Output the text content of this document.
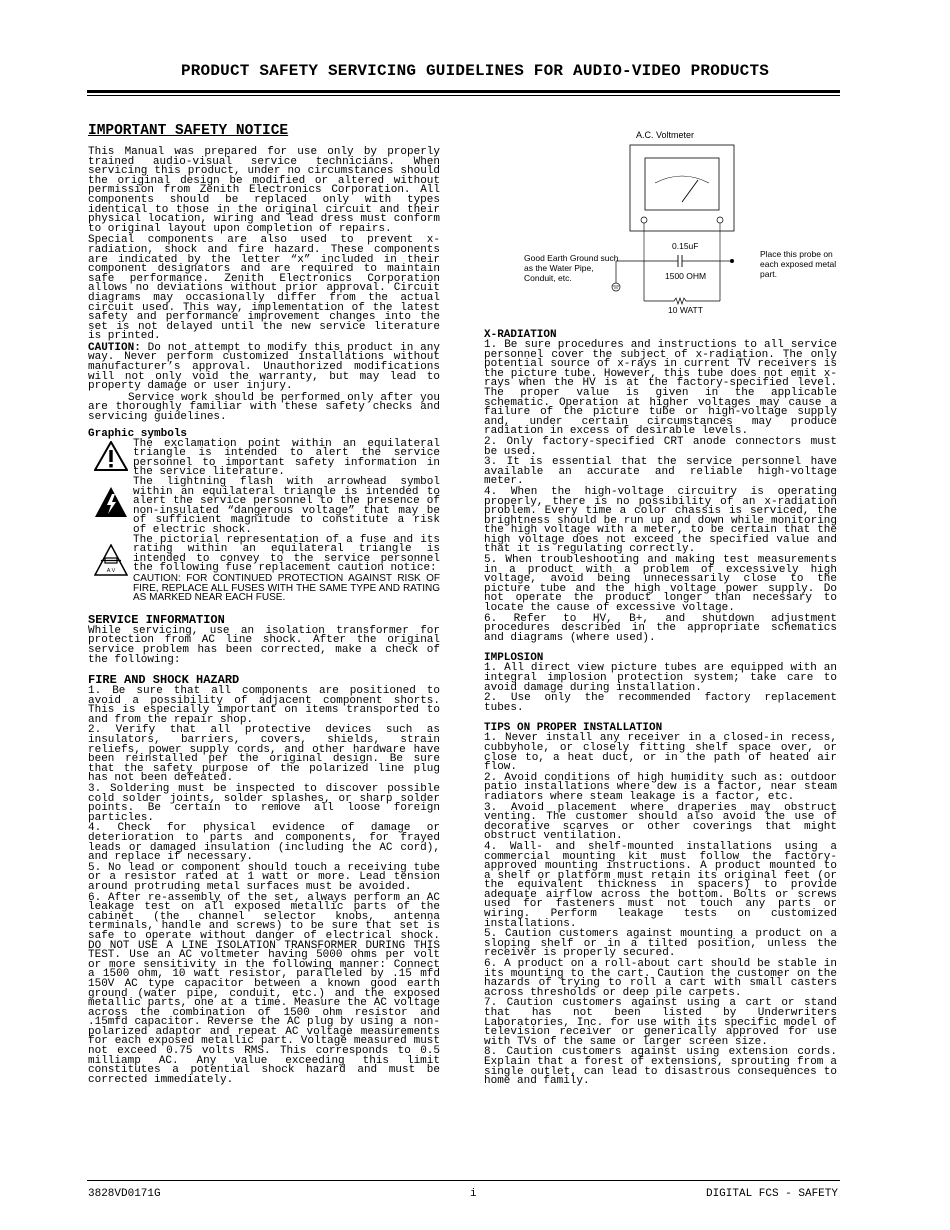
PRODUCT SAFETY SERVICING GUIDELINES FOR AUDIO-VIDEO PRODUCTS
IMPORTANT SAFETY NOTICE

This Manual was prepared for use only by properly trained audio-visual service technicians. When servicing this product, under no circumstances should the original design be modified or altered without permission from Zenith Electronics Corporation. All components should be replaced only with types identical to those in the original circuit and their physical location, wiring and lead dress must conform to original layout upon completion of repairs.

Special components are also used to prevent x-radiation, shock and fire hazard. These components are indicated by the letter “x” included in their component designators and are required to maintain safe performance. Zenith Electronics Corporation allows no deviations without prior approval. Circuit diagrams may occasionally differ from the actual circuit used. This way, implementation of the latest safety and performance improvement changes into the set is not delayed until the new service literature is printed.

CAUTION: Do not attempt to modify this product in any way. Never perform customized installations without manufacturer’s approval. Unauthorized modifications will not only void the warranty, but may lead to property damage or user injury.

Service work should be performed only after you are thoroughly familiar with these safety checks and servicing guidelines.

Graphic symbols
The exclamation point within an equilateral triangle is intended to alert the service personnel to important safety information in the service literature.
The lightning flash with arrowhead symbol within an equilateral triangle is intended to alert the service personnel to the presence of non-insulated “dangerous voltage” that may be of sufficient magnitude to constitute a risk of electric shock.
A V
The pictorial representation of a fuse and its rating within an equilateral triangle is intended to convey to the service personnel the following fuse replacement caution notice:
CAUTION: FOR CONTINUED PROTECTION AGAINST RISK OF FIRE, REPLACE ALL FUSES WITH THE SAME TYPE AND RATING AS MARKED NEAR EACH FUSE.
SERVICE INFORMATION

While servicing, use an isolation transformer for protection from AC line shock. After the original service problem has been corrected, make a check of the following:

FIRE AND SHOCK HAZARD

1. Be sure that all components are positioned to avoid a possibility of adjacent component shorts. This is especially important on items transported to and from the repair shop.

2. Verify that all protective devices such as insulators, barriers, covers, shields, strain reliefs, power supply cords, and other hardware have been reinstalled per the original design. Be sure that the safety purpose of the polarized line plug has not been defeated.

3. Soldering must be inspected to discover possible cold solder joints, solder splashes, or sharp solder points. Be certain to remove all loose foreign particles.

4. Check for physical evidence of damage or deterioration to parts and components, for frayed leads or damaged insulation (including the AC cord), and replace if necessary.

5. No lead or component should touch a receiving tube or a resistor rated at 1 watt or more. Lead tension around protruding metal surfaces must be avoided.

6. After re-assembly of the set, always perform an AC leakage test on all exposed metallic parts of the cabinet (the channel selector knobs, antenna terminals, handle and screws) to be sure that set is safe to operate without danger of electrical shock. DO NOT USE A LINE ISOLATION TRANSFORMER DURING THIS TEST. Use an AC voltmeter having 5000 ohms per volt or more sensitivity in the following manner: Connect a 1500 ohm, 10 watt resistor, paralleled by .15 mfd 150V AC type capacitor between a known good earth ground (water pipe, conduit, etc.) and the exposed metallic parts, one at a time. Measure the AC voltage across the combination of 1500 ohm resistor and .15mfd capacitor. Reverse the AC plug by using a non-polarized adaptor and repeat AC voltage measurements for each exposed metallic part. Voltage measured must not exceed 0.75 volts RMS. This corresponds to 0.5 milliamp AC. Any value exceeding this limit constitutes a potential shock hazard and must be corrected immediately.

A.C. Voltmeter
Good Earth Ground such as the Water Pipe, Conduit, etc.
0.15uF
1500 OHM
10 WATT
Place this probe on each exposed metal part.
X-RADIATION

1. Be sure procedures and instructions to all service personnel cover the subject of x-radiation. The only potential source of x-rays in current TV receivers is the picture tube. However, this tube does not emit x-rays when the HV is at the factory-specified level. The proper value is given in the applicable schematic. Operation at higher voltages may cause a failure of the picture tube or high-voltage supply and, under certain circumstances may produce radiation in excess of desirable levels.

2. Only factory-specified CRT anode connectors must be used.

3. It is essential that the service personnel have available an accurate and reliable high-voltage meter.

4. When the high-voltage circuitry is operating properly, there is no possibility of an x-radiation problem. Every time a color chassis is serviced, the brightness should be run up and down while monitoring the high voltage with a meter, to be certain that the high voltage does not exceed the specified value and that it is regulating correctly.

5. When troubleshooting and making test measurements in a product with a problem of excessively high voltage, avoid being unnecessarily close to the picture tube and the high voltage power supply. Do not operate the product longer than necessary to locate the cause of excessive voltage.

6. Refer to HV, B+, and shutdown adjustment procedures described in the appropriate schematics and diagrams (where used).

IMPLOSION

1. All direct view picture tubes are equipped with an integral implosion protection system; take care to avoid damage during installation.

2. Use only the recommended factory replacement tubes.

TIPS ON PROPER INSTALLATION

1. Never install any receiver in a closed-in recess, cubbyhole, or closely fitting shelf space over, or close to, a heat duct, or in the path of heated air flow.

2. Avoid conditions of high humidity such as: outdoor patio installations where dew is a factor, near steam radiators where steam leakage is a factor, etc.

3. Avoid placement where draperies may obstruct venting. The customer should also avoid the use of decorative scarves or other coverings that might obstruct ventilation.

4. Wall- and shelf-mounted installations using a commercial mounting kit must follow the factory-approved mounting instructions. A product mounted to a shelf or platform must retain its original feet (or the equivalent thickness in spacers) to provide adequate airflow across the bottom. Bolts or screws used for fasteners must not touch any parts or wiring. Perform leakage tests on customized installations.

5. Caution customers against mounting a product on a sloping shelf or in a tilted position, unless the receiver is properly secured.

6. A product on a roll-about cart should be stable in its mounting to the cart. Caution the customer on the hazards of trying to roll a cart with small casters across thresholds or deep pile carpets.

7. Caution customers against using a cart or stand that has not been listed by Underwriters Laboratories, Inc. for use with its specific model of television receiver or generically approved for use with TVs of the same or larger screen size.

8. Caution customers against using extension cords. Explain that a forest of extensions, sprouting from a single outlet, can lead to disastrous consequences to home and family.

3828VD0171G	i	DIGITAL FCS - SAFETY
